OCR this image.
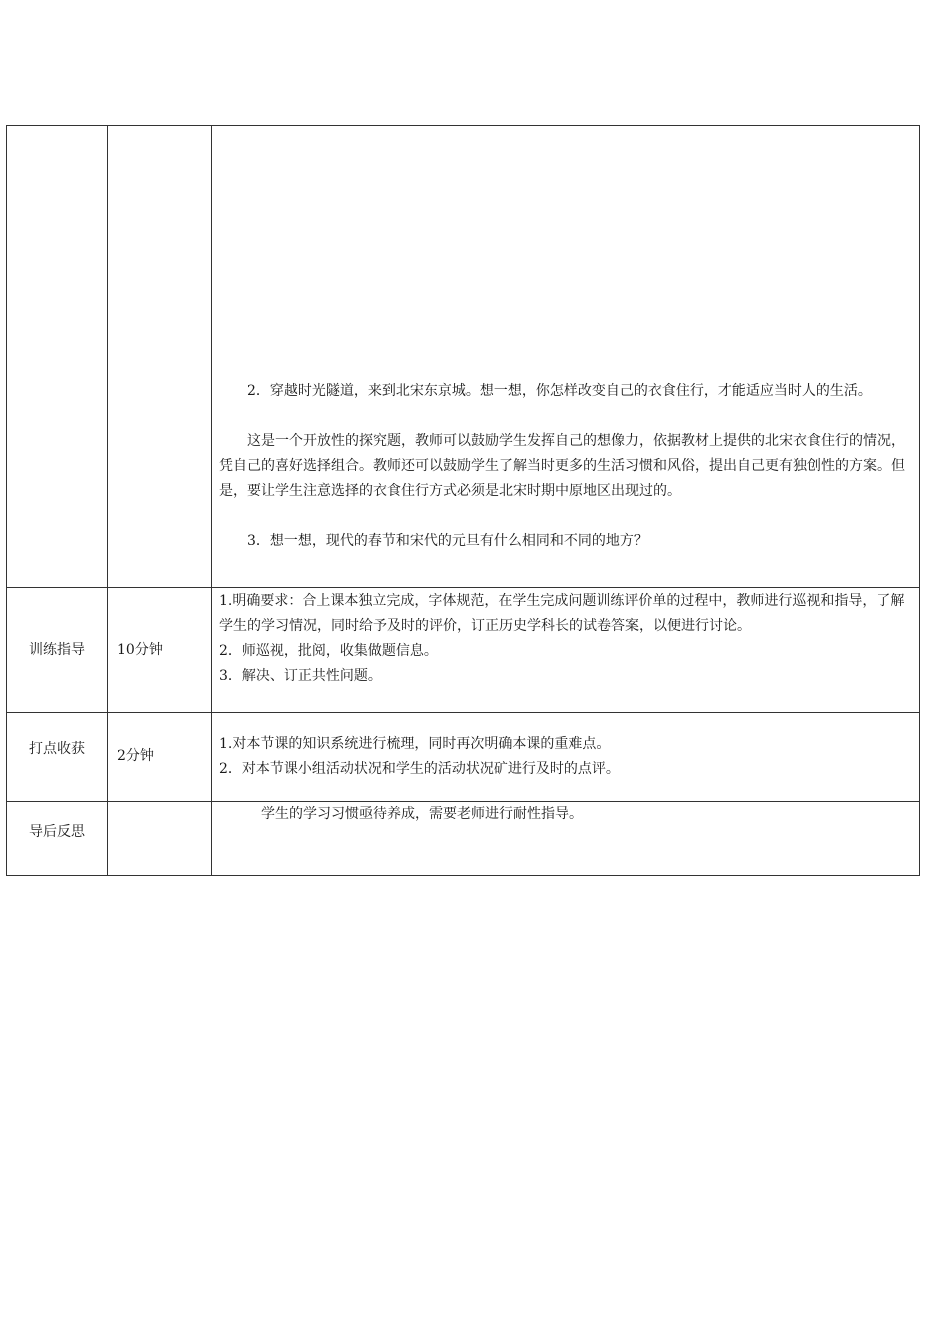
2．穿越时光隧道，来到北宋东京城。想一想，你怎样改变自己的衣食住行，才能适应当时人的生活。

这是一个开放性的探究题，教师可以鼓励学生发挥自己的想像力，依据教材上提供的北宋衣食住行的情况，凭自己的喜好选择组合。教师还可以鼓励学生了解当时更多的生活习惯和风俗，提出自己更有独创性的方案。但是，要让学生注意选择的衣食住行方式必须是北宋时期中原地区出现过的。

3．想一想，现代的春节和宋代的元旦有什么相同和不同的地方？

训练指导	10分钟

1.明确要求：合上课本独立完成，字体规范，在学生完成问题训练评价单的过程中，教师进行巡视和指导，了解学生的学习情况，同时给予及时的评价，订正历史学科长的试卷答案，以便进行讨论。

2．师巡视，批阅，收集做题信息。

3．解决、订正共性问题。

打点收获	2分钟

1.对本节课的知识系统进行梳理，同时再次明确本课的重难点。

2．对本节课小组活动状况和学生的活动状况矿进行及时的点评。

导后反思

学生的学习习惯亟待养成，需要老师进行耐性指导。
